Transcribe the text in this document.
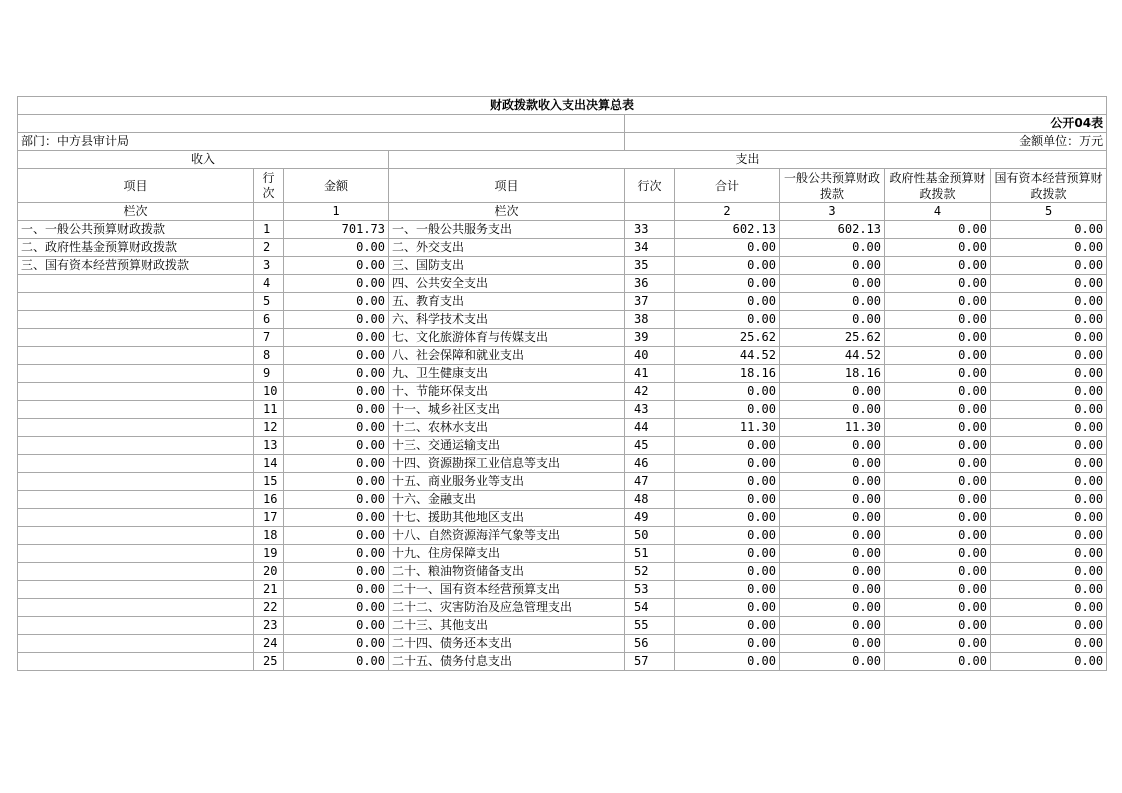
财政拨款收入支出决算总表								
				公开04表				
部门：中方县审计局				金额单位：万元				
收入			支出					
项目	行次	金额	项目	行次	合计	一般公共预算财政拨款	政府性基金预算财政拨款	国有资本经营预算财政拨款
栏次		1	栏次		2	3	4	5
一、一般公共预算财政拨款	1	701.73	一、一般公共服务支出	33	602.13	602.13	0.00	0.00
二、政府性基金预算财政拨款	2	0.00	二、外交支出	34	0.00	0.00	0.00	0.00
三、国有资本经营预算财政拨款	3	0.00	三、国防支出	35	0.00	0.00	0.00	0.00
	4	0.00	四、公共安全支出	36	0.00	0.00	0.00	0.00
	5	0.00	五、教育支出	37	0.00	0.00	0.00	0.00
	6	0.00	六、科学技术支出	38	0.00	0.00	0.00	0.00
	7	0.00	七、文化旅游体育与传媒支出	39	25.62	25.62	0.00	0.00
	8	0.00	八、社会保障和就业支出	40	44.52	44.52	0.00	0.00
	9	0.00	九、卫生健康支出	41	18.16	18.16	0.00	0.00
	10	0.00	十、节能环保支出	42	0.00	0.00	0.00	0.00
	11	0.00	十一、城乡社区支出	43	0.00	0.00	0.00	0.00
	12	0.00	十二、农林水支出	44	11.30	11.30	0.00	0.00
	13	0.00	十三、交通运输支出	45	0.00	0.00	0.00	0.00
	14	0.00	十四、资源勘探工业信息等支出	46	0.00	0.00	0.00	0.00
	15	0.00	十五、商业服务业等支出	47	0.00	0.00	0.00	0.00
	16	0.00	十六、金融支出	48	0.00	0.00	0.00	0.00
	17	0.00	十七、援助其他地区支出	49	0.00	0.00	0.00	0.00
	18	0.00	十八、自然资源海洋气象等支出	50	0.00	0.00	0.00	0.00
	19	0.00	十九、住房保障支出	51	0.00	0.00	0.00	0.00
	20	0.00	二十、粮油物资储备支出	52	0.00	0.00	0.00	0.00
	21	0.00	二十一、国有资本经营预算支出	53	0.00	0.00	0.00	0.00
	22	0.00	二十二、灾害防治及应急管理支出	54	0.00	0.00	0.00	0.00
	23	0.00	二十三、其他支出	55	0.00	0.00	0.00	0.00
	24	0.00	二十四、债务还本支出	56	0.00	0.00	0.00	0.00
	25	0.00	二十五、债务付息支出	57	0.00	0.00	0.00	0.00
